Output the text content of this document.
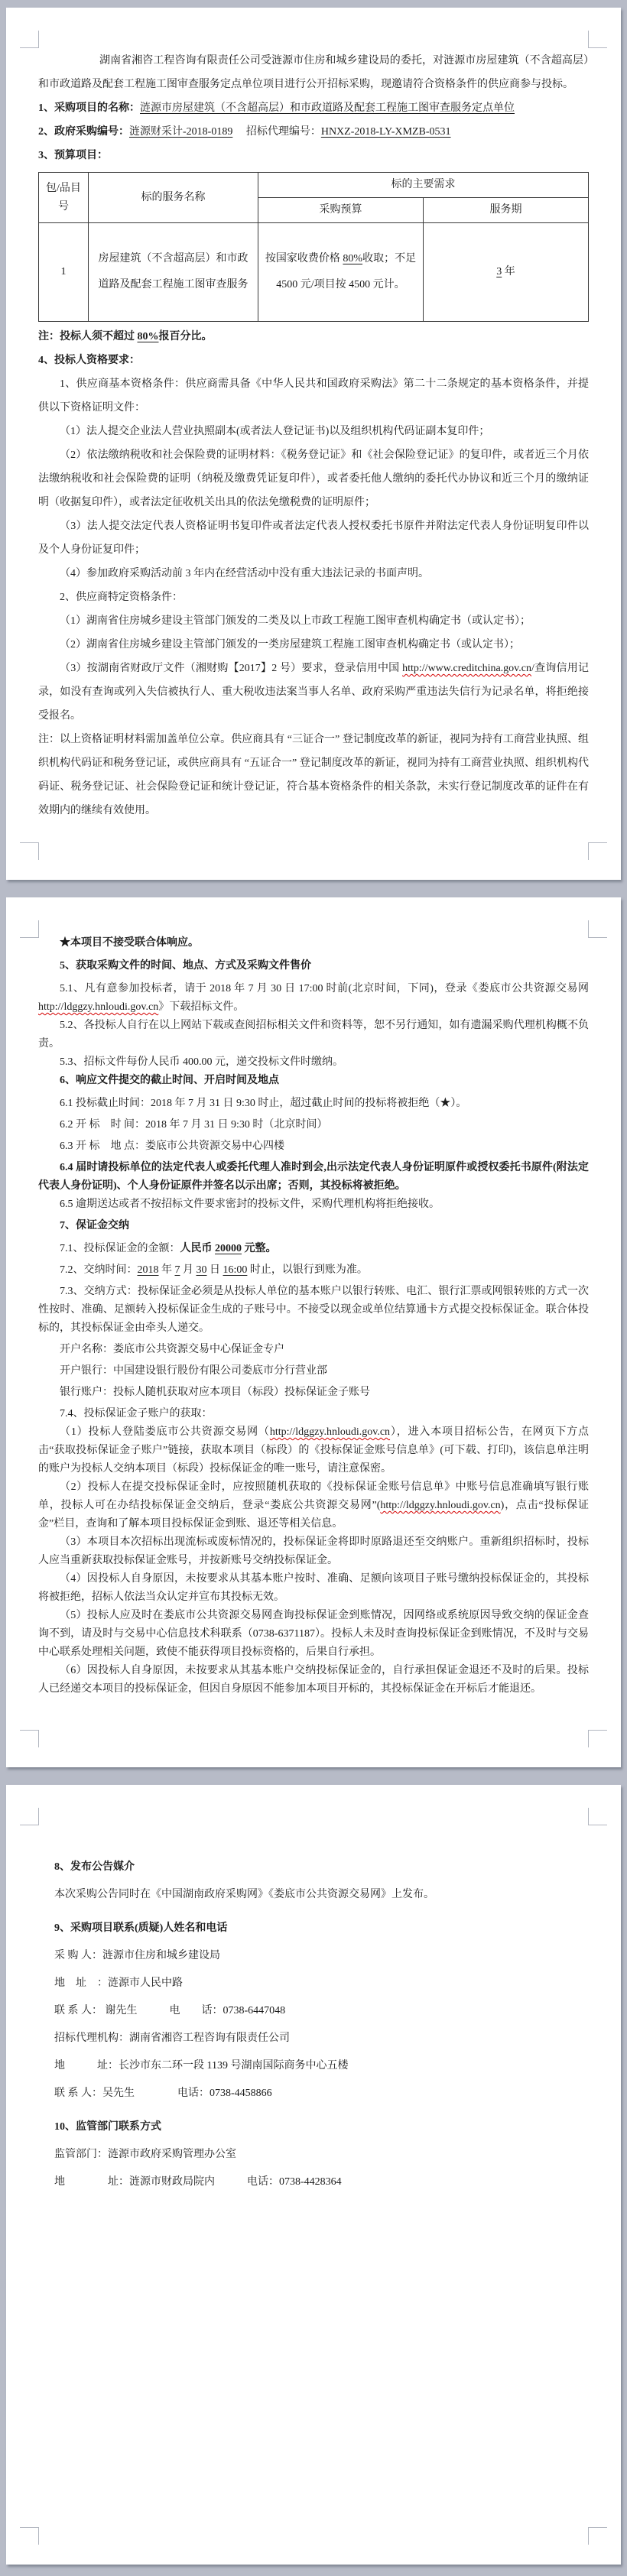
湖南省湘咨工程咨询有限责任公司受涟源市住房和城乡建设局的委托，对涟源市房屋建筑（不含超高层）和市政道路及配套工程施工图审查服务定点单位项目进行公开招标采购，现邀请符合资格条件的供应商参与投标。
1、采购项目的名称：涟源市房屋建筑（不含超高层）和市政道路及配套工程施工图审查服务定点单位
2、政府采购编号：涟源财采计-2018-0189　 招标代理编号：HNXZ-2018-LY-XMZB-0531
3、预算项目：
包/品目号	标的服务名称	标的主要需求	
		采购预算	服务期
1	房屋建筑（不含超高层）和市政道路及配套工程施工图审查服务	按国家收费价格 80%收取；不足 4500 元/项目按 4500 元计。	3 年
注：投标人须不超过 80%报百分比。
4、投标人资格要求：
1、供应商基本资格条件：供应商需具备《中华人民共和国政府采购法》第二十二条规定的基本资格条件，并提供以下资格证明文件：
（1）法人提交企业法人营业执照副本(或者法人登记证书)以及组织机构代码证副本复印件；
（2）依法缴纳税收和社会保险费的证明材料：《税务登记证》和《社会保险登记证》的复印件，或者近三个月依法缴纳税收和社会保险费的证明（纳税及缴费凭证复印件），或者委托他人缴纳的委托代办协议和近三个月的缴纳证明（收据复印件），或者法定征收机关出具的依法免缴税费的证明原件；
（3）法人提交法定代表人资格证明书复印件或者法定代表人授权委托书原件并附法定代表人身份证明复印件以及个人身份证复印件；
（4）参加政府采购活动前 3 年内在经营活动中没有重大违法记录的书面声明。
2、供应商特定资格条件：
（1）湖南省住房城乡建设主管部门颁发的二类及以上市政工程施工图审查机构确定书（或认定书）；
（2）湖南省住房城乡建设主管部门颁发的一类房屋建筑工程施工图审查机构确定书（或认定书）；
（3）按湖南省财政厅文件（湘财购【2017】2 号）要求，登录信用中国 http://www.creditchina.gov.cn/查询信用记录，如没有查询或列入失信被执行人、重大税收违法案当事人名单、政府采购严重违法失信行为记录名单，将拒绝接受报名。
注：以上资格证明材料需加盖单位公章。供应商具有 “三证合一” 登记制度改革的新证，视同为持有工商营业执照、组织机构代码证和税务登记证，或供应商具有 “五证合一” 登记制度改革的新证，视同为持有工商营业执照、组织机构代码证、税务登记证、社会保险登记证和统计登记证，符合基本资格条件的相关条款，未实行登记制度改革的证件在有效期内的继续有效使用。
★本项目不接受联合体响应。
5、获取采购文件的时间、地点、方式及采购文件售价
5.1、凡有意参加投标者，请于 2018 年 7 月 30 日 17:00 时前(北京时间，下同)，登录《娄底市公共资源交易网 http://ldggzy.hnloudi.gov.cn》下载招标文件。
5.2、各投标人自行在以上网站下载或查阅招标相关文件和资料等，恕不另行通知，如有遗漏采购代理机构概不负责。
5.3、招标文件每份人民币 400.00 元，递交投标文件时缴纳。
6、响应文件提交的截止时间、开启时间及地点
6.1 投标截止时间：2018 年 7 月 31 日 9:30 时止，超过截止时间的投标将被拒绝（★）。
6.2 开 标　时 间：2018 年 7 月 31 日 9:30 时（北京时间）
6.3 开 标　地 点：娄底市公共资源交易中心四楼
6.4 届时请投标单位的法定代表人或委托代理人准时到会,出示法定代表人身份证明原件或授权委托书原件(附法定代表人身份证明)、个人身份证原件并签名以示出席；否则，其投标将被拒绝。
6.5 逾期送达或者不按招标文件要求密封的投标文件，采购代理机构将拒绝接收。
7、保证金交纳
7.1、投标保证金的金额：人民币 20000 元整。
7.2、交纳时间：2018 年 7 月 30 日 16:00 时止，以银行到账为准。
7.3、交纳方式：投标保证金必须是从投标人单位的基本账户以银行转账、电汇、银行汇票或网银转账的方式一次性按时、准确、足额转入投标保证金生成的子账号中。不接受以现金或单位结算通卡方式提交投标保证金。联合体投标的，其投标保证金由牵头人递交。
开户名称：娄底市公共资源交易中心保证金专户
开户银行：中国建设银行股份有限公司娄底市分行营业部
银行账户：投标人随机获取对应本项目（标段）投标保证金子账号
7.4、投标保证金子账户的获取：
（1）投标人登陆娄底市公共资源交易网（http://ldggzy.hnloudi.gov.cn），进入本项目招标公告，在网页下方点击“获取投标保证金子账户”链接，获取本项目（标段）的《投标保证金账号信息单》(可下载、打印)，该信息单注明的账户为投标人交纳本项目（标段）投标保证金的唯一账号，请注意保密。
（2）投标人在提交投标保证金时，应按照随机获取的《投标保证金账号信息单》中账号信息准确填写银行账单，投标人可在办结投标保证金交纳后，登录“娄底公共资源交易网”(http://ldggzy.hnloudi.gov.cn)，点击“投标保证金”栏目，查询和了解本项目投标保证金到账、退还等相关信息。
（3）本项目本次招标出现流标或废标情况的，投标保证金将即时原路退还至交纳账户。重新组织招标时，投标人应当重新获取投标保证金账号，并按新账号交纳投标保证金。
（4）因投标人自身原因，未按要求从其基本账户按时、准确、足额向该项目子账号缴纳投标保证金的，其投标将被拒绝，招标人依法当众认定并宣布其投标无效。
（5）投标人应及时在娄底市公共资源交易网查询投标保证金到账情况，因网络或系统原因导致交纳的保证金查询不到，请及时与交易中心信息技术科联系（0738-6371187）。投标人未及时查询投标保证金到账情况，不及时与交易中心联系处理相关问题，致使不能获得项目投标资格的，后果自行承担。
（6）因投标人自身原因，未按要求从其基本账户交纳投标保证金的，自行承担保证金退还不及时的后果。投标人已经递交本项目的投标保证金，但因自身原因不能参加本项目开标的，其投标保证金在开标后才能退还。
8、发布公告媒介
本次采购公告同时在《中国湖南政府采购网》《娄底市公共资源交易网》上发布。
9、采购项目联系(质疑)人姓名和电话
采 购 人：涟源市住房和城乡建设局
地　址　：涟源市人民中路
联 系 人： 谢先生　　　电　　话：0738-6447048
招标代理机构：湖南省湘咨工程咨询有限责任公司
地　　　址：长沙市东二环一段 1139 号湖南国际商务中心五楼
联 系 人：吴先生　　　　电话：0738-4458866
10、监管部门联系方式
监管部门：涟源市政府采购管理办公室
地　　　　址：涟源市财政局院内　　　电话：0738-4428364
